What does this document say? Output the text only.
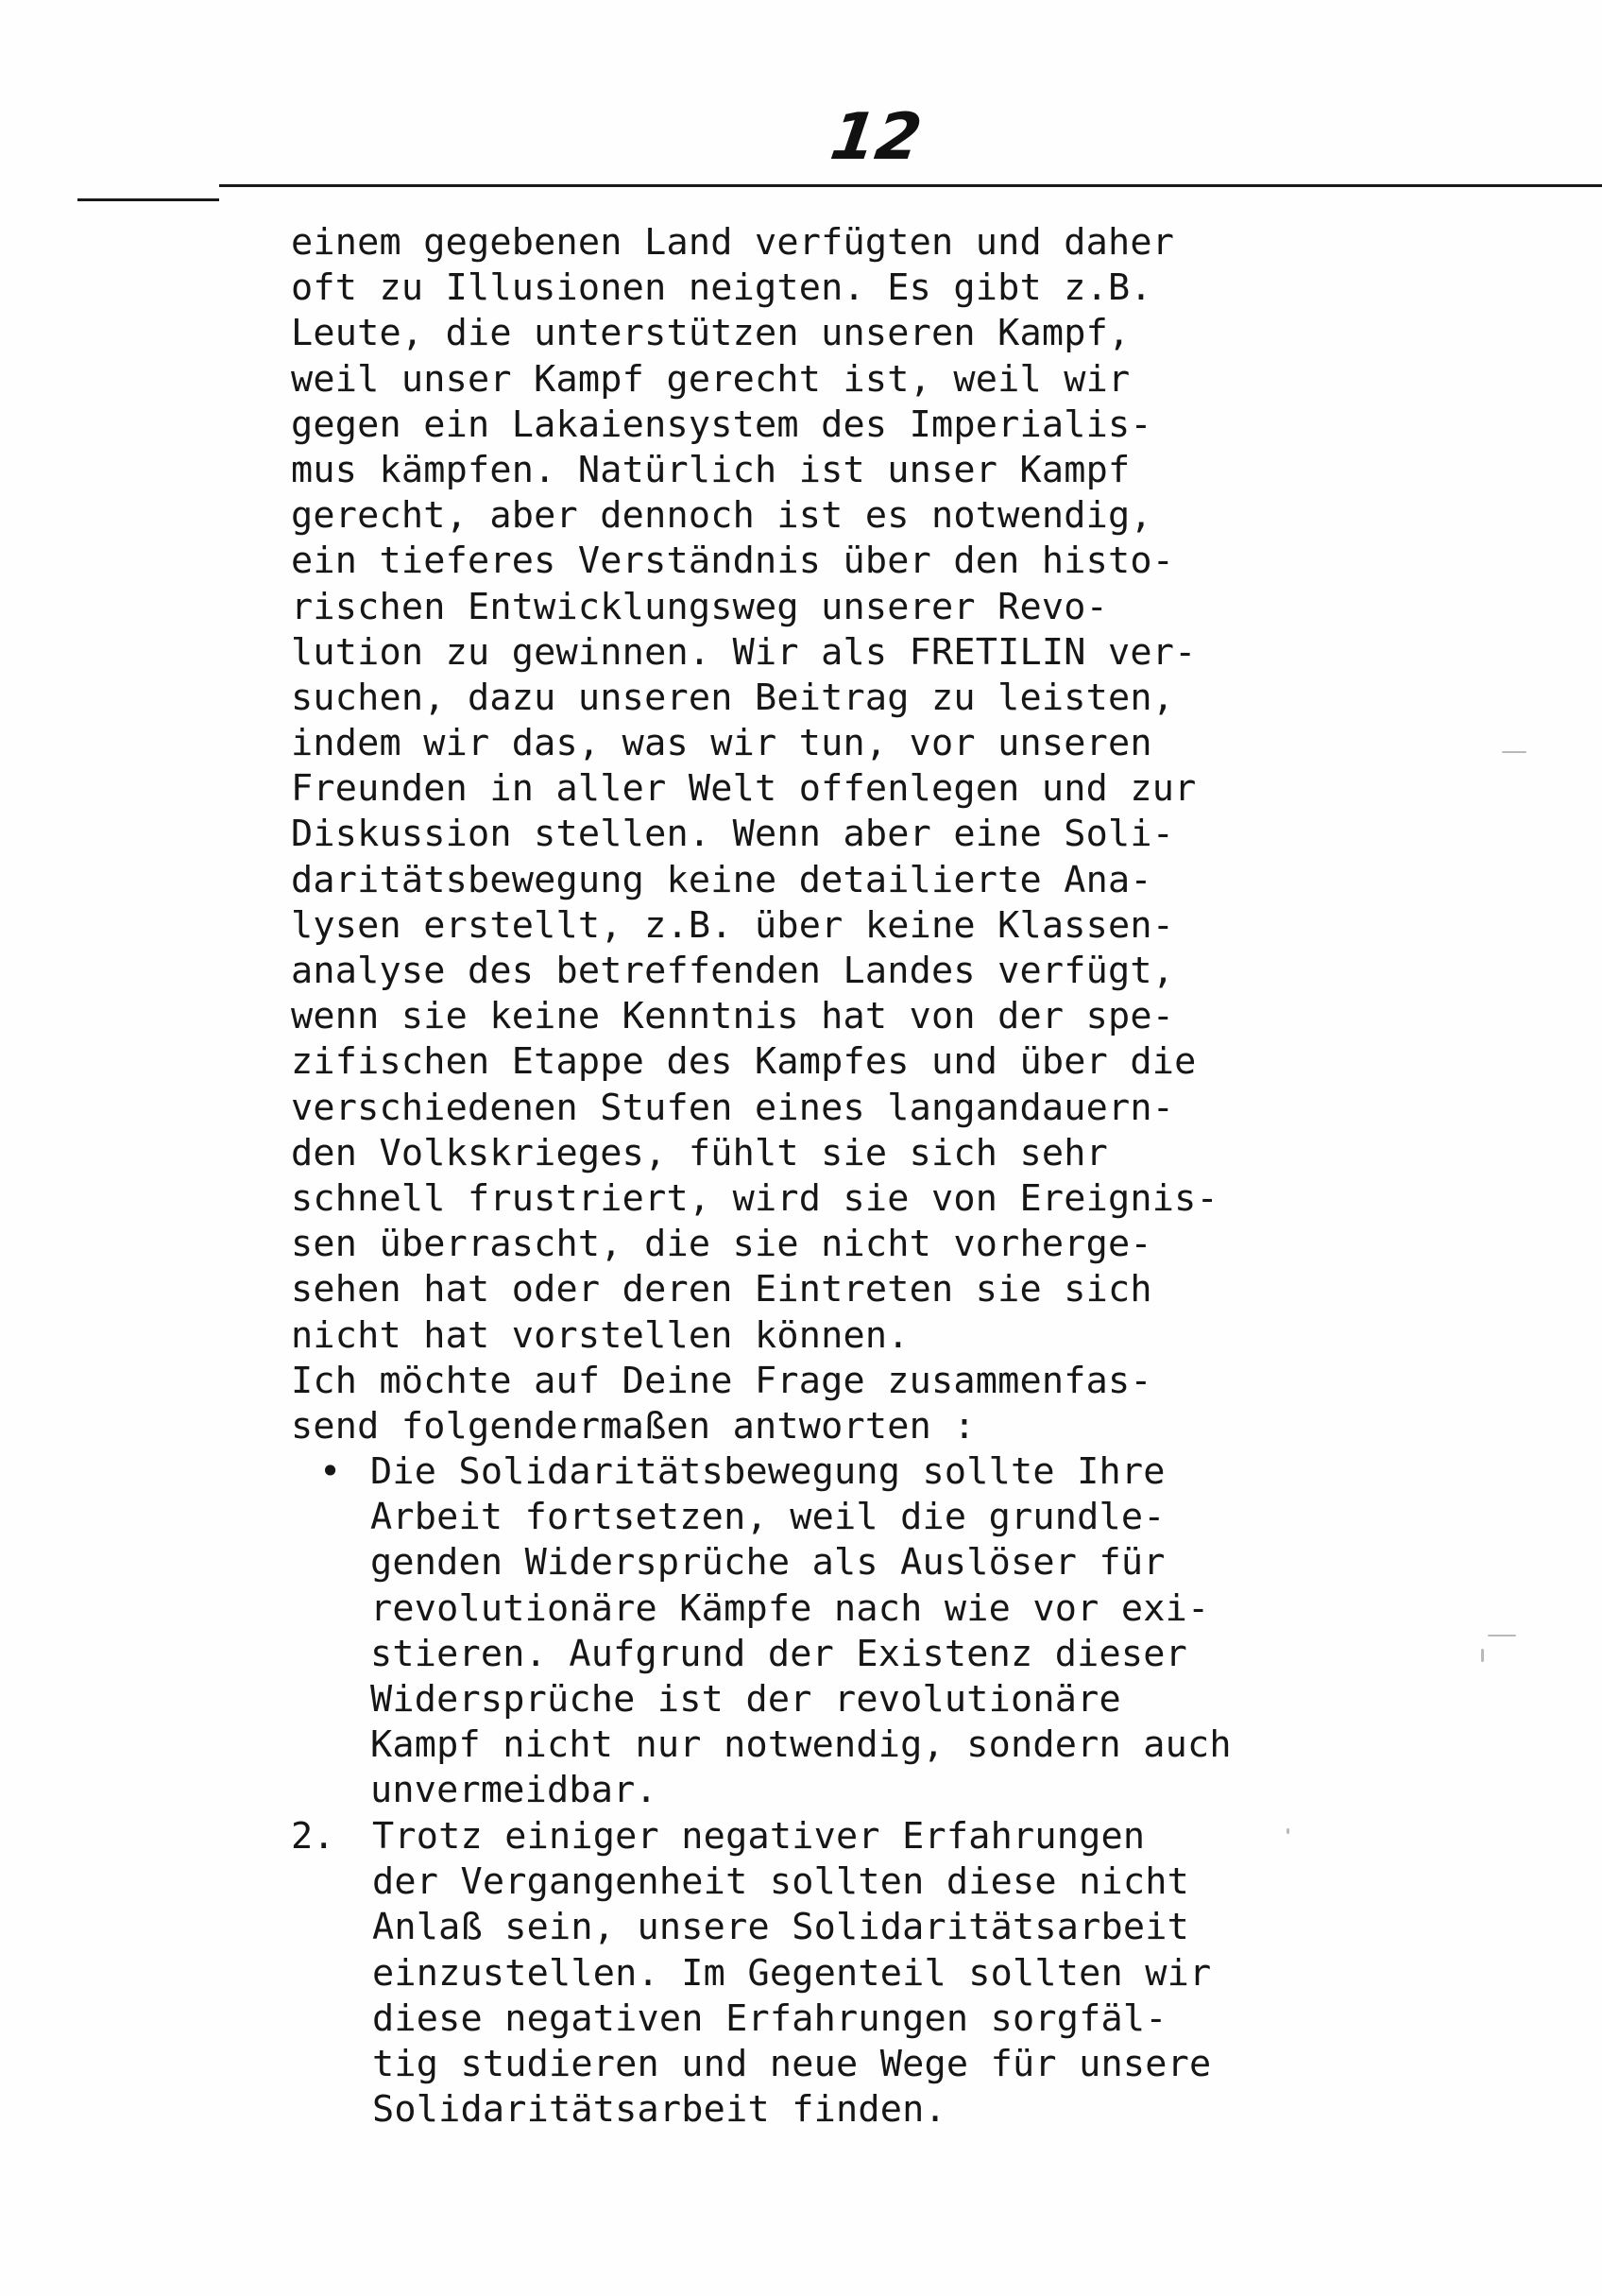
12
einem gegebenen Land verfügten und daher
oft zu Illusionen neigten. Es gibt z.B.
Leute, die unterstützen unseren Kampf,
weil unser Kampf gerecht ist, weil wir
gegen ein Lakaiensystem des Imperialis-
mus kämpfen. Natürlich ist unser Kampf
gerecht, aber dennoch ist es notwendig,
ein tieferes Verständnis über den histo-
rischen Entwicklungsweg unserer Revo-
lution zu gewinnen. Wir als FRETILIN ver-
suchen, dazu unseren Beitrag zu leisten,
indem wir das, was wir tun, vor unseren
Freunden in aller Welt offenlegen und zur
Diskussion stellen. Wenn aber eine Soli-
daritätsbewegung keine detailierte Ana-
lysen erstellt, z.B. über keine Klassen-
analyse des betreffenden Landes verfügt,
wenn sie keine Kenntnis hat von der spe-
zifischen Etappe des Kampfes und über die
verschiedenen Stufen eines langandauern-
den Volkskrieges, fühlt sie sich sehr
schnell frustriert, wird sie von Ereignis-
sen überrascht, die sie nicht vorherge-
sehen hat oder deren Eintreten sie sich
nicht hat vorstellen können.
Ich möchte auf Deine Frage zusammenfas-
send folgendermaßen antworten :
• Die Solidaritätsbewegung sollte Ihre
Arbeit fortsetzen, weil die grundle-
genden Widersprüche als Auslöser für
revolutionäre Kämpfe nach wie vor exi-
stieren. Aufgrund der Existenz dieser
Widersprüche ist der revolutionäre
Kampf nicht nur notwendig, sondern auch
unvermeidbar.
2. Trotz einiger negativer Erfahrungen
der Vergangenheit sollten diese nicht
Anlaß sein, unsere Solidaritätsarbeit
einzustellen. Im Gegenteil sollten wir
diese negativen Erfahrungen sorgfäl-
tig studieren und neue Wege für unsere
Solidaritätsarbeit finden.
